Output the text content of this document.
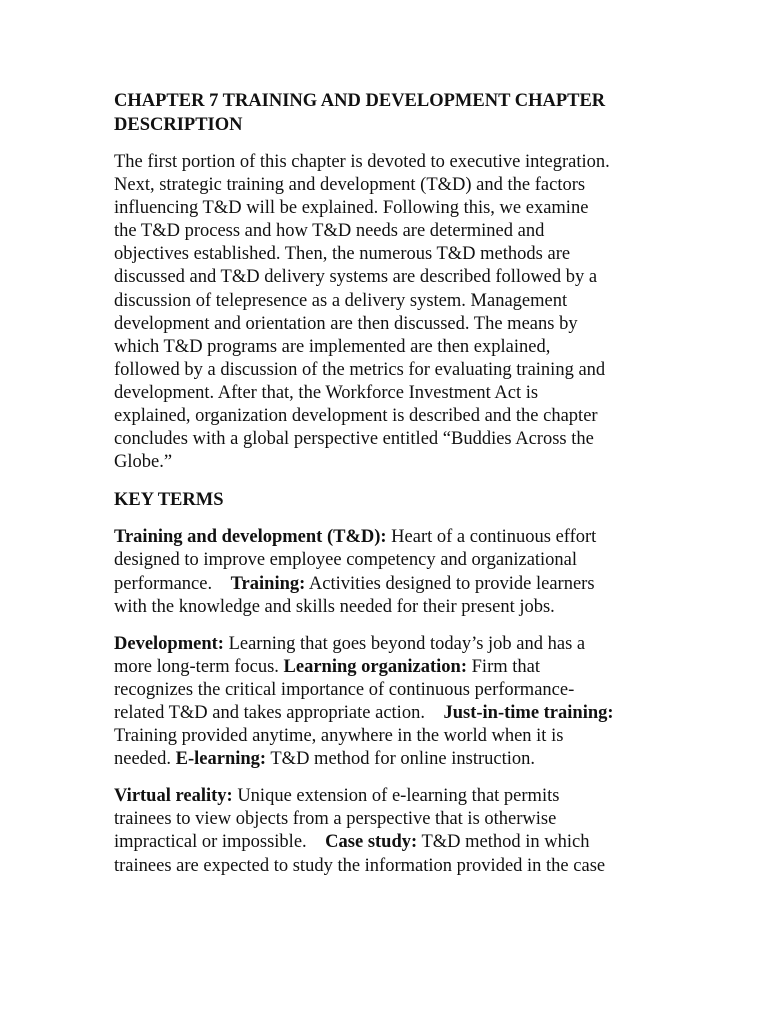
CHAPTER 7 TRAINING AND DEVELOPMENT CHAPTER
DESCRIPTION
The first portion of this chapter is devoted to executive integration.
Next, strategic training and development (T&D) and the factors
influencing T&D will be explained. Following this, we examine
the T&D process and how T&D needs are determined and
objectives established. Then, the numerous T&D methods are
discussed and T&D delivery systems are described followed by a
discussion of telepresence as a delivery system. Management
development and orientation are then discussed. The means by
which T&D programs are implemented are then explained,
followed by a discussion of the metrics for evaluating training and
development. After that, the Workforce Investment Act is
explained, organization development is described and the chapter
concludes with a global perspective entitled “Buddies Across the
Globe.”
KEY TERMS
Training and development (T&D): Heart of a continuous effort
designed to improve employee competency and organizational
performance. Training: Activities designed to provide learners
with the knowledge and skills needed for their present jobs.
Development: Learning that goes beyond today’s job and has a
more long-term focus. Learning organization: Firm that
recognizes the critical importance of continuous performance-
related T&D and takes appropriate action. Just-in-time training:
Training provided anytime, anywhere in the world when it is
needed. E-learning: T&D method for online instruction.
Virtual reality: Unique extension of e-learning that permits
trainees to view objects from a perspective that is otherwise
impractical or impossible. Case study: T&D method in which
trainees are expected to study the information provided in the case
